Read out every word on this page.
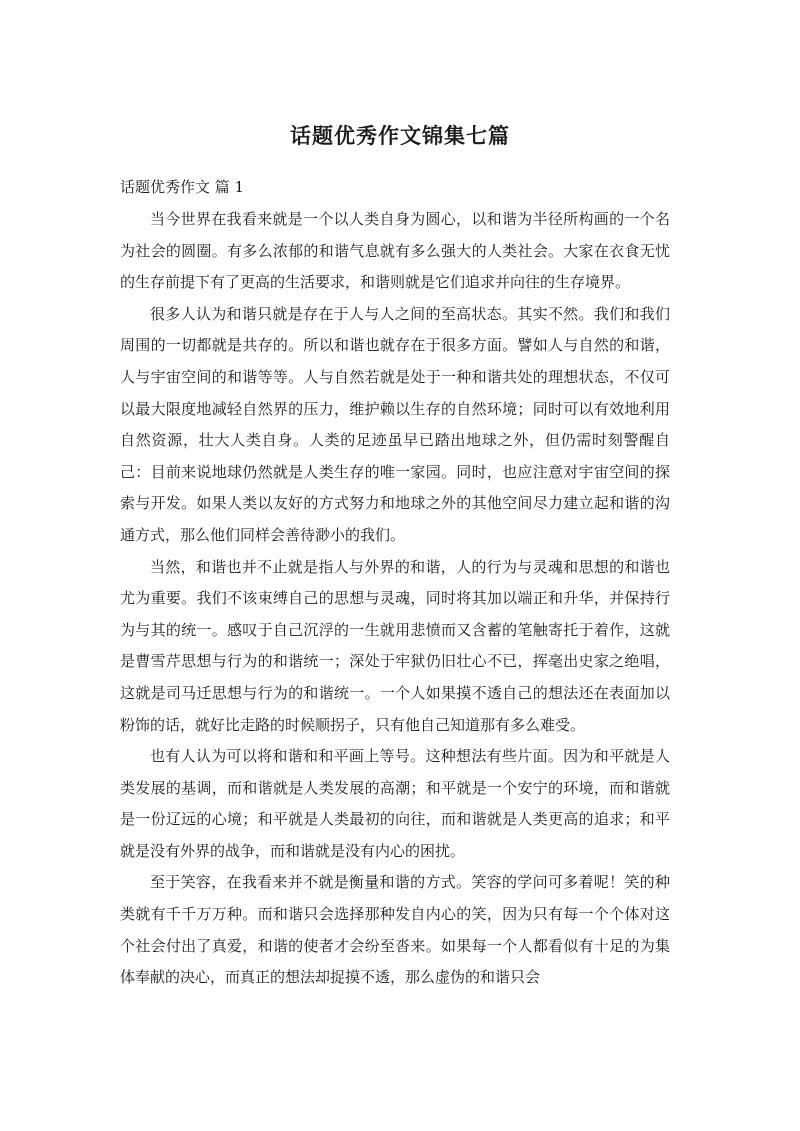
话题优秀作文锦集七篇
话题优秀作文 篇 1

当今世界在我看来就是一个以人类自身为圆心，以和谐为半径所构画的一个名为社会的圆圈。有多么浓郁的和谐气息就有多么强大的人类社会。大家在衣食无忧的生存前提下有了更高的生活要求，和谐则就是它们追求并向往的生存境界。

很多人认为和谐只就是存在于人与人之间的至高状态。其实不然。我们和我们周围的一切都就是共存的。所以和谐也就存在于很多方面。譬如人与自然的和谐，人与宇宙空间的和谐等等。人与自然若就是处于一种和谐共处的理想状态，不仅可以最大限度地减轻自然界的压力，维护赖以生存的自然环境；同时可以有效地利用自然资源，壮大人类自身。人类的足迹虽早已踏出地球之外，但仍需时刻警醒自己：目前来说地球仍然就是人类生存的唯一家园。同时，也应注意对宇宙空间的探索与开发。如果人类以友好的方式努力和地球之外的其他空间尽力建立起和谐的沟通方式，那么他们同样会善待渺小的我们。

当然，和谐也并不止就是指人与外界的和谐，人的行为与灵魂和思想的和谐也尤为重要。我们不该束缚自己的思想与灵魂，同时将其加以端正和升华，并保持行为与其的统一。感叹于自己沉浮的一生就用悲愤而又含蓄的笔触寄托于着作，这就是曹雪芹思想与行为的和谐统一；深处于牢狱仍旧壮心不已，挥毫出史家之绝唱，这就是司马迁思想与行为的和谐统一。一个人如果摸不透自己的想法还在表面加以粉饰的话，就好比走路的时候顺拐子，只有他自己知道那有多么难受。

也有人认为可以将和谐和和平画上等号。这种想法有些片面。因为和平就是人类发展的基调，而和谐就是人类发展的高潮；和平就是一个安宁的环境，而和谐就是一份辽远的心境；和平就是人类最初的向往，而和谐就是人类更高的追求；和平就是没有外界的战争，而和谐就是没有内心的困扰。

至于笑容，在我看来并不就是衡量和谐的方式。笑容的学问可多着呢！笑的种类就有千千万万种。而和谐只会选择那种发自内心的笑，因为只有每一个个体对这个社会付出了真爱，和谐的使者才会纷至沓来。如果每一个人都看似有十足的为集体奉献的决心，而真正的想法却捉摸不透，那么虚伪的和谐只会
